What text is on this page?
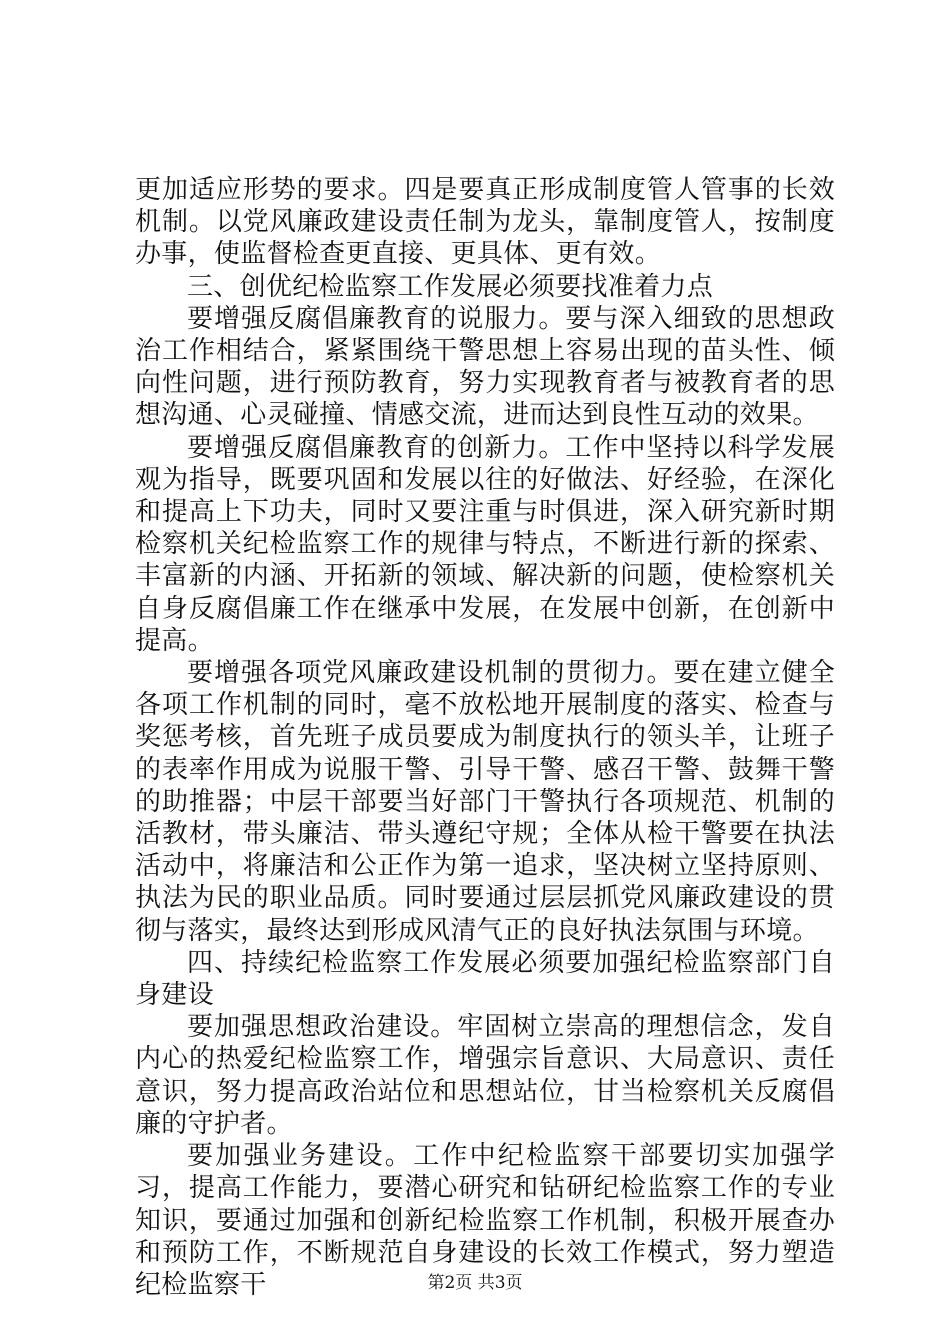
更加适应形势的要求。四是要真正形成制度管人管事的长效机制。以党风廉政建设责任制为龙头，靠制度管人，按制度办事，使监督检查更直接、更具体、更有效。

三、创优纪检监察工作发展必须要找准着力点

要增强反腐倡廉教育的说服力。要与深入细致的思想政治工作相结合，紧紧围绕干警思想上容易出现的苗头性、倾向性问题，进行预防教育，努力实现教育者与被教育者的思想沟通、心灵碰撞、情感交流，进而达到良性互动的效果。

要增强反腐倡廉教育的创新力。工作中坚持以科学发展观为指导，既要巩固和发展以往的好做法、好经验，在深化和提高上下功夫，同时又要注重与时俱进，深入研究新时期检察机关纪检监察工作的规律与特点，不断进行新的探索、丰富新的内涵、开拓新的领域、解决新的问题，使检察机关自身反腐倡廉工作在继承中发展，在发展中创新，在创新中提高。

要增强各项党风廉政建设机制的贯彻力。要在建立健全各项工作机制的同时，毫不放松地开展制度的落实、检查与奖惩考核，首先班子成员要成为制度执行的领头羊，让班子的表率作用成为说服干警、引导干警、感召干警、鼓舞干警的助推器；中层干部要当好部门干警执行各项规范、机制的活教材，带头廉洁、带头遵纪守规；全体从检干警要在执法活动中，将廉洁和公正作为第一追求，坚决树立坚持原则、执法为民的职业品质。同时要通过层层抓党风廉政建设的贯彻与落实，最终达到形成风清气正的良好执法氛围与环境。

四、持续纪检监察工作发展必须要加强纪检监察部门自身建设

要加强思想政治建设。牢固树立崇高的理想信念，发自内心的热爱纪检监察工作，增强宗旨意识、大局意识、责任意识，努力提高政治站位和思想站位，甘当检察机关反腐倡廉的守护者。

要加强业务建设。工作中纪检监察干部要切实加强学习，提高工作能力，要潜心研究和钻研纪检监察工作的专业知识，要通过加强和创新纪检监察工作机制，积极开展查办和预防工作，不断规范自身建设的长效工作模式，努力塑造纪检监察干	第2页 共3页
